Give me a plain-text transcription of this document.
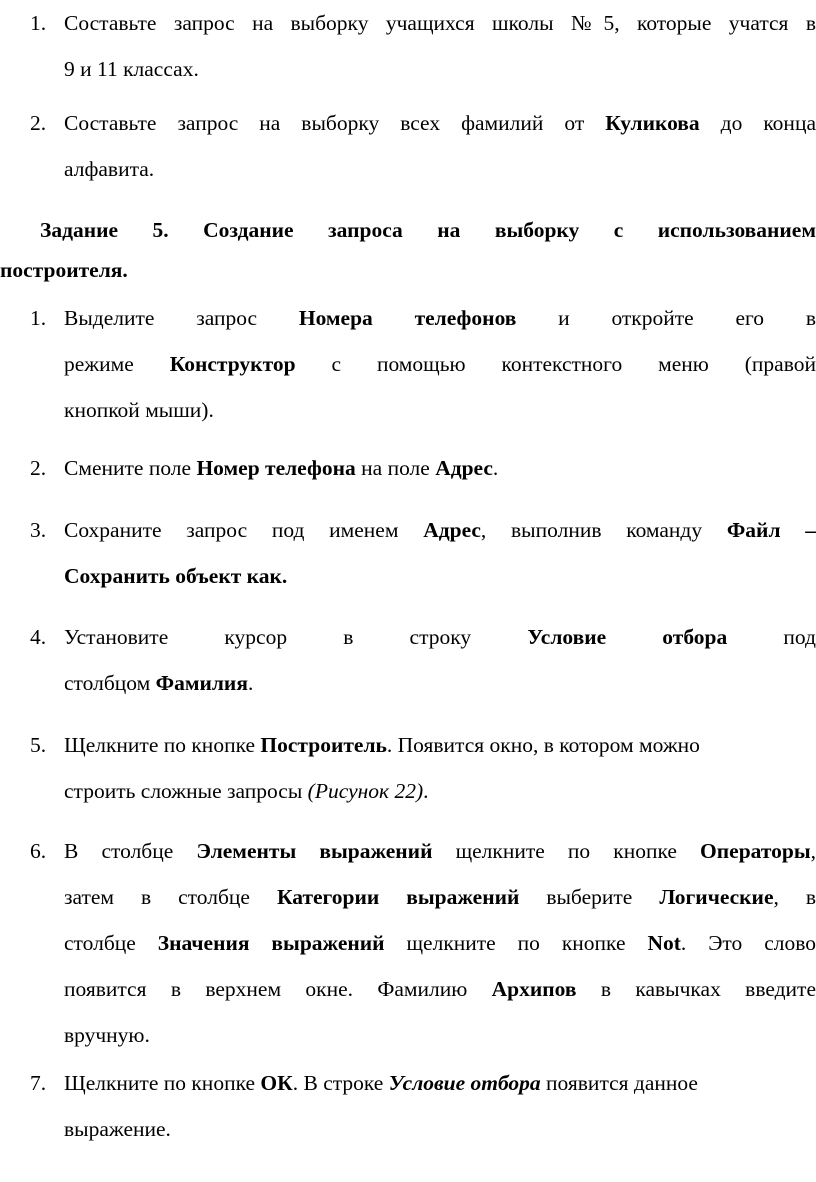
1. Составьте запрос на выборку учащихся школы №5, которые учатся в
9 и 11 классах.
2. Составьте запрос на выборку всех фамилий от Куликова до конца
алфавита.
Задание 5. Создание запроса на выборку с использованием
построителя.
1. Выделите запрос Номера телефонов и откройте его в
режиме Конструктор с помощью контекстного меню (правой
кнопкой мыши).
2. Смените поле Номер телефона на поле Адрес.
3. Сохраните запрос под именем Адрес, выполнив команду Файл –
Сохранить объект как.
4. Установите курсор в строку Условие отбора под
столбцом Фамилия.
5. Щелкните по кнопке Построитель. Появится окно, в котором можно
строить сложные запросы (Рисунок 22).
6. В столбце Элементы выражений щелкните по кнопке Операторы,
затем в столбце Категории выражений выберите Логические, в
столбце Значения выражений щелкните по кнопке Not. Это слово
появится в верхнем окне. Фамилию Архипов в кавычках введите
вручную.
7. Щелкните по кнопке ОК. В строке Условие отбора появится данное
выражение.
